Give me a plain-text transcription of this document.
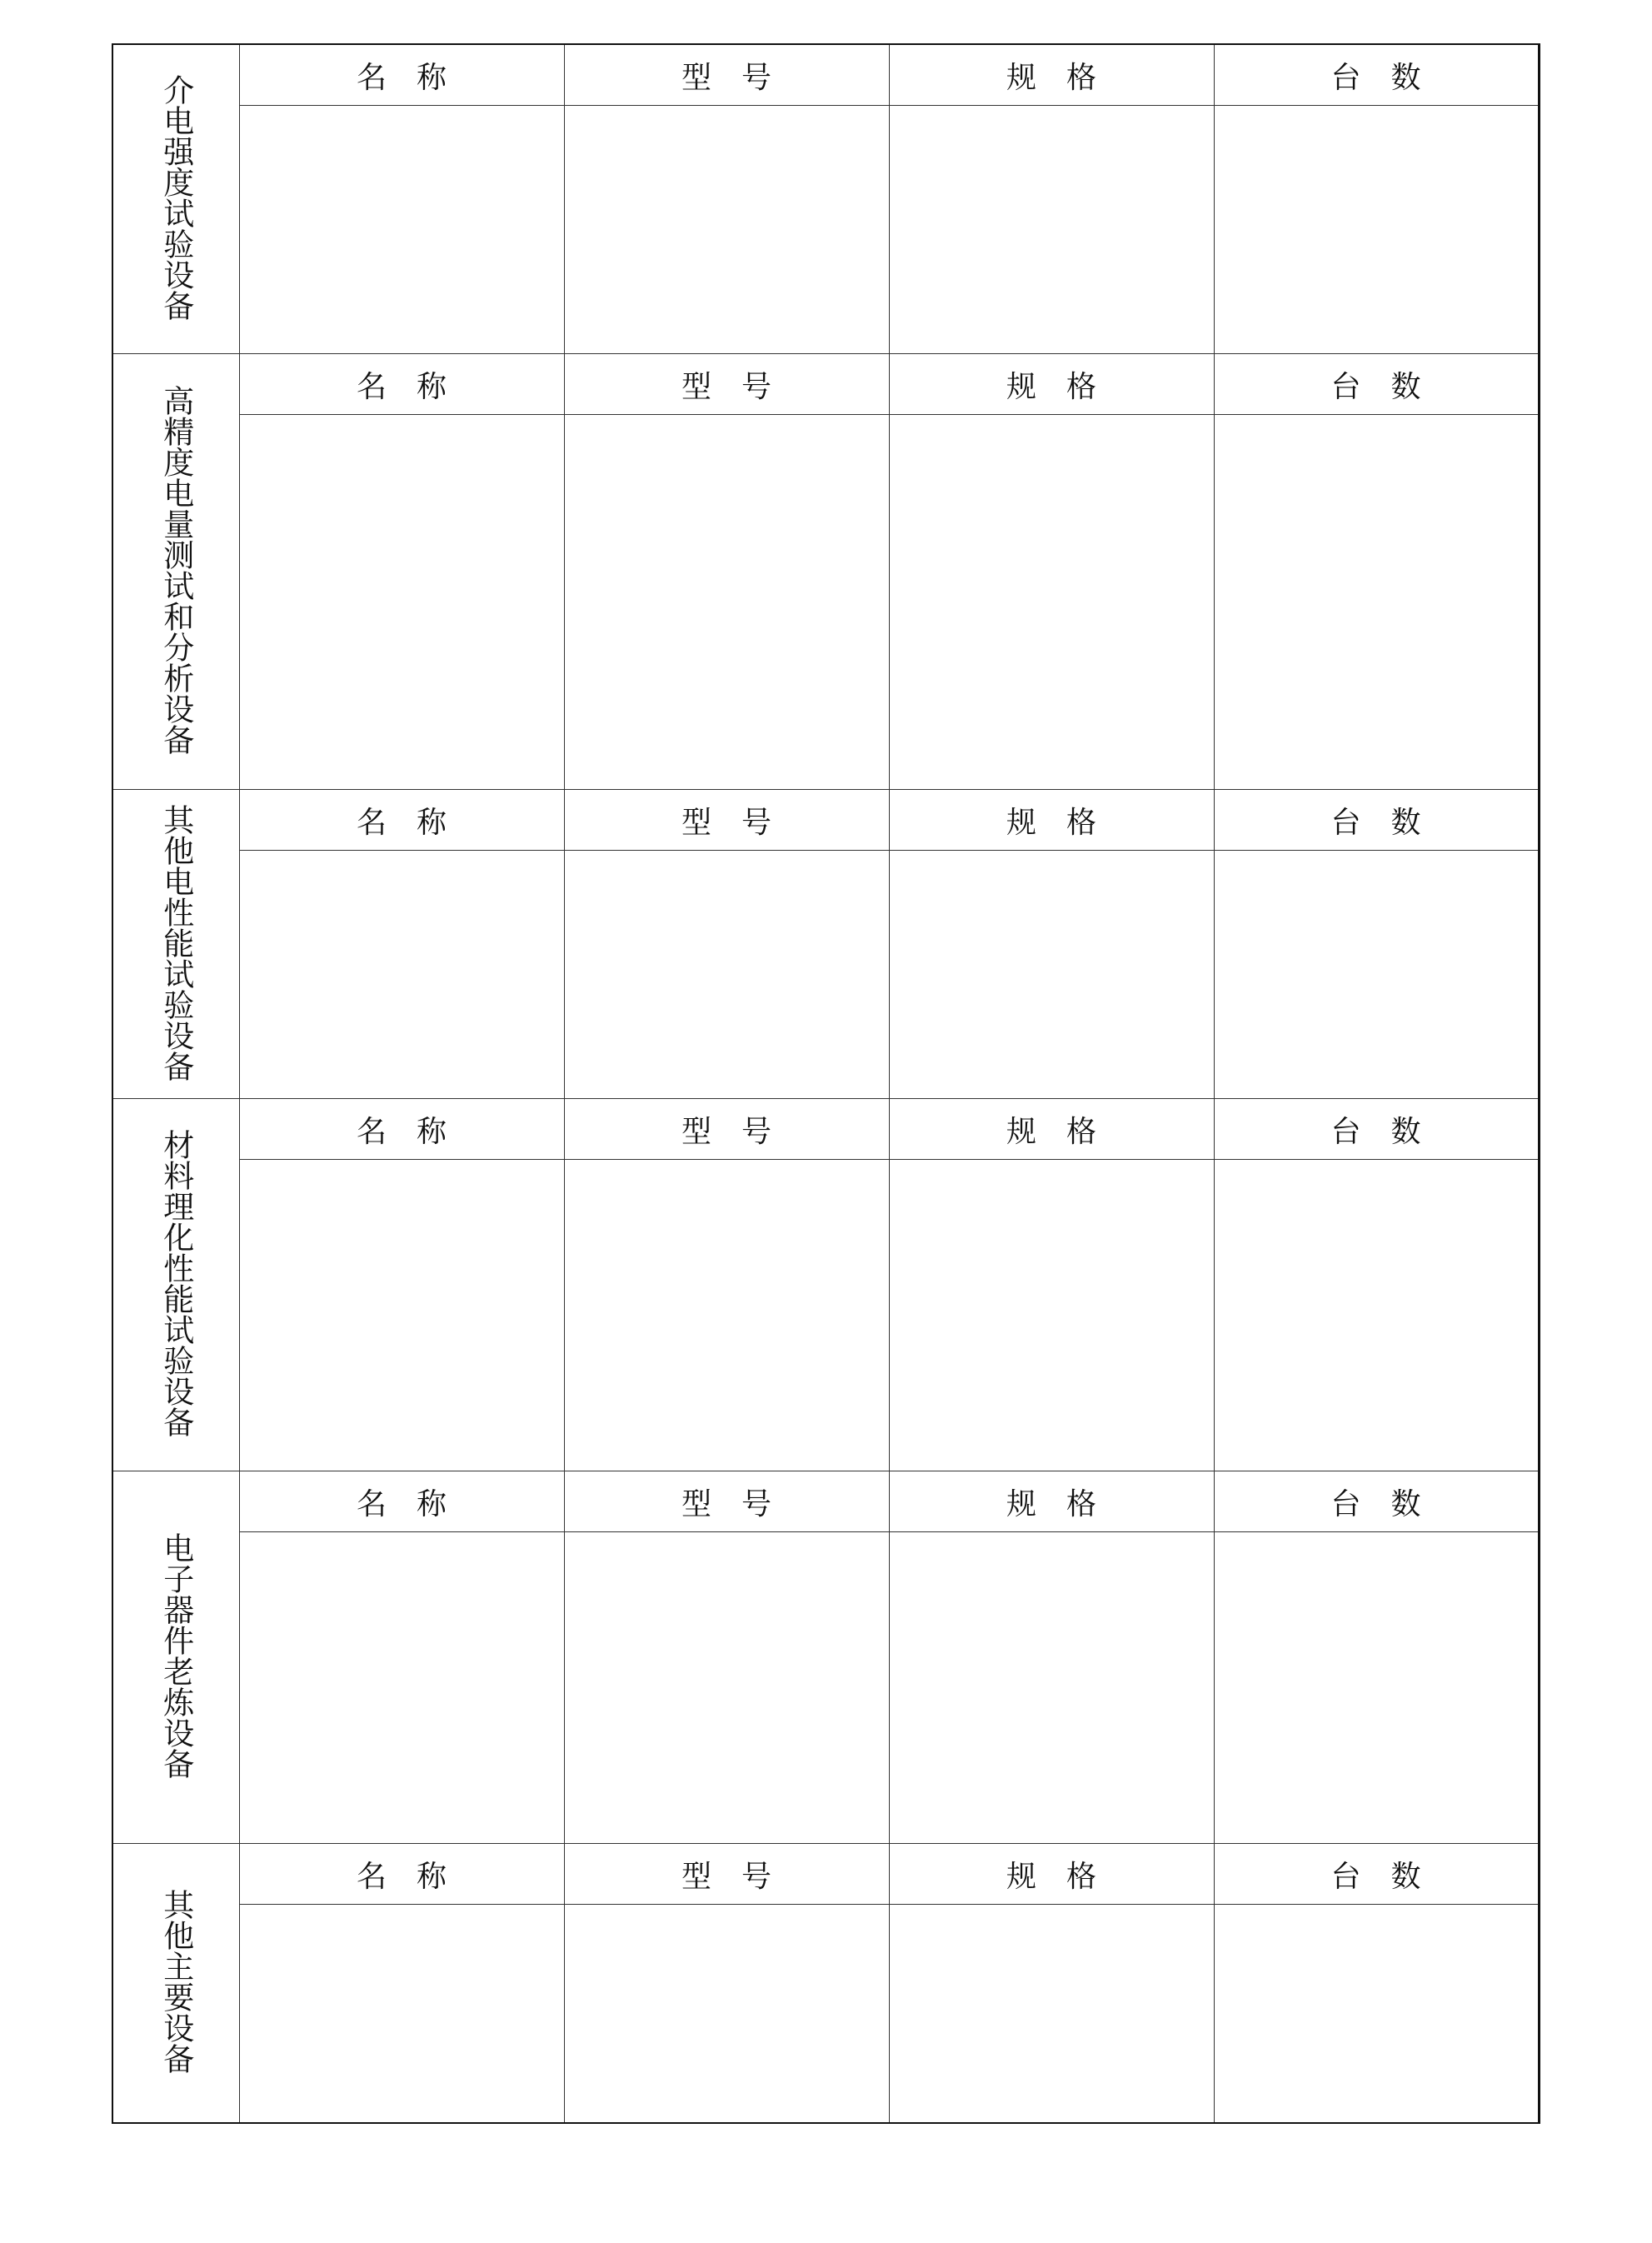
介电强度试验设备	名　称	型　号	规　格	台　数

高精度电量测试和分析设备	名　称	型　号	规　格	台　数

其他电性能试验设备	名　称	型　号	规　格	台　数

材料理化性能试验设备	名　称	型　号	规　格	台　数

电子器件老炼设备	名　称	型　号	规　格	台　数

其他主要设备	名　称	型　号	规　格	台　数
